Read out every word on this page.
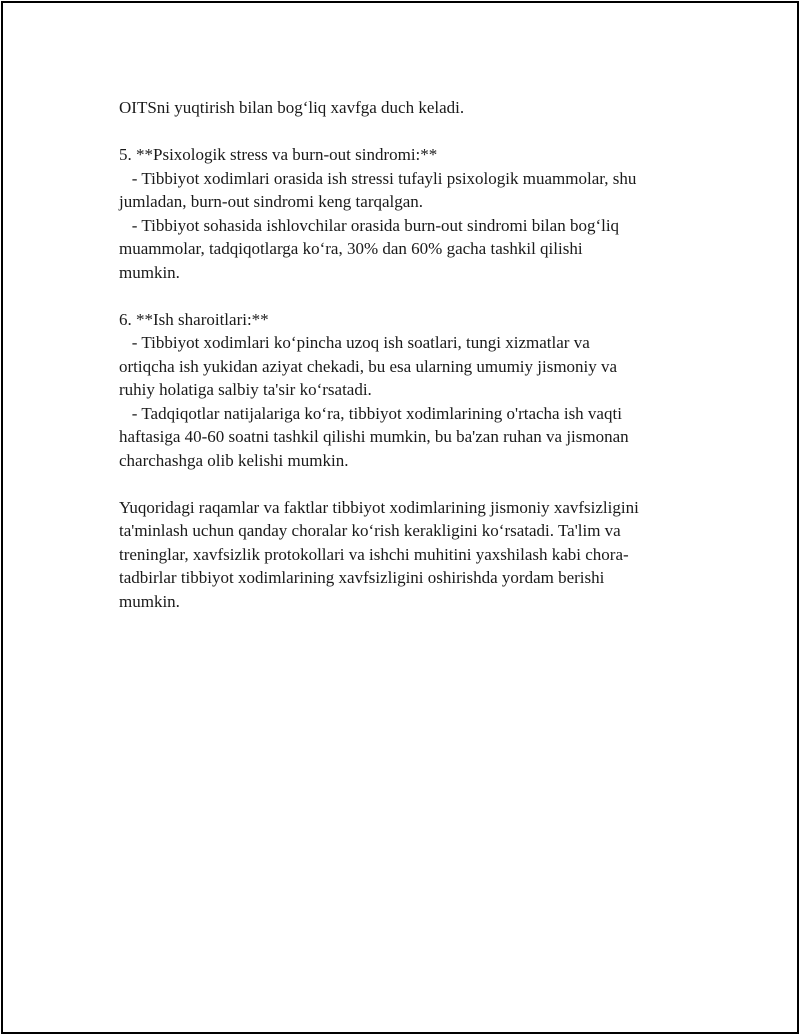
OITSni yuqtirish bilan bog‘liq xavfga duch keladi.

5. **Psixologik stress va burn-out sindromi:**
- Tibbiyot xodimlari orasida ish stressi tufayli psixologik muammolar, shu
jumladan, burn-out sindromi keng tarqalgan.
- Tibbiyot sohasida ishlovchilar orasida burn-out sindromi bilan bog‘liq
muammolar, tadqiqotlarga ko‘ra, 30% dan 60% gacha tashkil qilishi
mumkin.
6. **Ish sharoitlari:**
- Tibbiyot xodimlari ko‘pincha uzoq ish soatlari, tungi xizmatlar va
ortiqcha ish yukidan aziyat chekadi, bu esa ularning umumiy jismoniy va
ruhiy holatiga salbiy ta'sir ko‘rsatadi.
- Tadqiqotlar natijalariga ko‘ra, tibbiyot xodimlarining o'rtacha ish vaqti
haftasiga 40-60 soatni tashkil qilishi mumkin, bu ba'zan ruhan va jismonan
charchashga olib kelishi mumkin.

Yuqoridagi raqamlar va faktlar tibbiyot xodimlarining jismoniy xavfsizligini
ta'minlash uchun qanday choralar ko‘rish kerakligini ko‘rsatadi. Ta'lim va
treninglar, xavfsizlik protokollari va ishchi muhitini yaxshilash kabi chora-
tadbirlar tibbiyot xodimlarining xavfsizligini oshirishda yordam berishi
mumkin.
